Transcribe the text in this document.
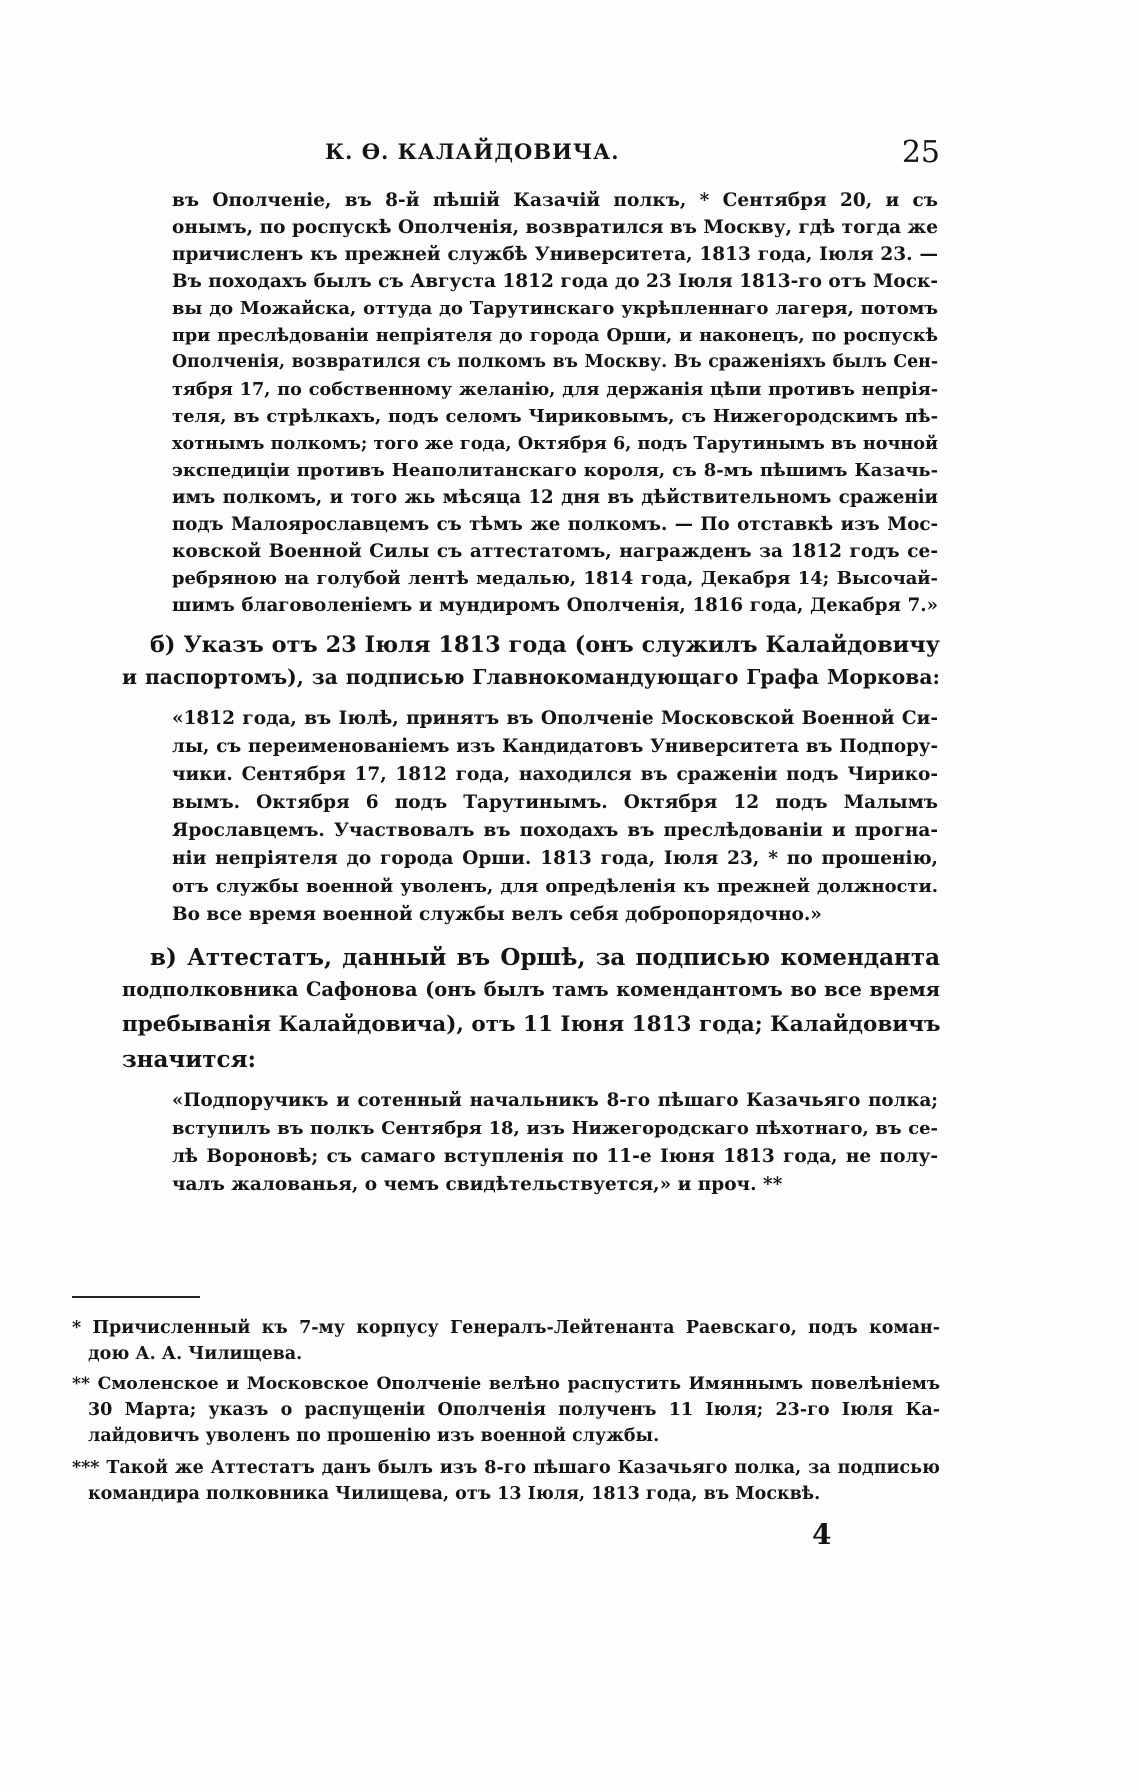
К. Ѳ. КАЛАЙДОВИЧА.	25
въ Ополченіе, въ 8-й пѣшій Казачій полкъ, * Сентября 20, и съ
онымъ, по роспускѣ Ополченія, возвратился въ Москву, гдѣ тогда же
причисленъ къ прежней службѣ Университета, 1813 года, Іюля 23. —
Въ походахъ былъ съ Августа 1812 года до 23 Іюля 1813-го отъ Моск-
вы до Можайска, оттуда до Тарутинскаго укрѣпленнаго лагеря, потомъ
при преслѣдованіи непріятеля до города Орши, и наконецъ, по роспускѣ
Ополченія, возвратился съ полкомъ въ Москву. Въ сраженіяхъ былъ Сен-
тября 17, по собственному желанію, для держанія цѣпи противъ непрія-
теля, въ стрѣлкахъ, подъ селомъ Чириковымъ, съ Нижегородскимъ пѣ-
хотнымъ полкомъ; того же года, Октября 6, подъ Тарутинымъ въ ночной
экспедиціи противъ Неаполитанскаго короля, съ 8-мъ пѣшимъ Казачь-
имъ полкомъ, и того жь мѣсяца 12 дня въ дѣйствительномъ сраженіи
подъ Малоярославцемъ съ тѣмъ же полкомъ. — По отставкѣ изъ Мос-
ковской Военной Силы съ аттестатомъ, награжденъ за 1812 годъ се-
ребряною на голубой лентѣ медалью, 1814 года, Декабря 14; Высочай-
шимъ благоволеніемъ и мундиромъ Ополченія, 1816 года, Декабря 7.»
б) Указъ отъ 23 Іюля 1813 года (онъ служилъ Калайдовичу
и паспортомъ), за подписью Главнокомандующаго Графа Моркова:
«1812 года, въ Іюлѣ, принятъ въ Ополченіе Московской Военной Си-
лы, съ переименованіемъ изъ Кандидатовъ Университета въ Подпору-
чики. Сентября 17, 1812 года, находился въ сраженіи подъ Чирико-
вымъ. Октября 6 подъ Тарутинымъ. Октября 12 подъ Малымъ
Ярославцемъ. Участвовалъ въ походахъ въ преслѣдованіи и прогна-
ніи непріятеля до города Орши. 1813 года, Іюля 23, * по прошенію,
отъ службы военной уволенъ, для опредѣленія къ прежней должности.
Во все время военной службы велъ себя добропорядочно.»
в) Аттестатъ, данный въ Оршѣ, за подписью коменданта
подполковника Сафонова (онъ былъ тамъ комендантомъ во все время
пребыванія Калайдовича), отъ 11 Іюня 1813 года; Калайдовичъ
значится:
«Подпоручикъ и сотенный начальникъ 8-го пѣшаго Казачьяго полка;
вступилъ въ полкъ Сентября 18, изъ Нижегородскаго пѣхотнаго, въ се-
лѣ Вороновѣ; съ самаго вступленія по 11-е Іюня 1813 года, не полу-
чалъ жалованья, о чемъ свидѣтельствуется,» и проч. **
* Причисленный къ 7-му корпусу Генералъ-Лейтенанта Раевскаго, подъ коман-
дою А. А. Чилищева.
** Смоленское и Московское Ополченіе велѣно распустить Имяннымъ повелѣніемъ
30 Марта; указъ о распущеніи Ополченія полученъ 11 Іюля; 23-го Іюля Ка-
лайдовичъ уволенъ по прошенію изъ военной службы.
*** Такой же Аттестатъ данъ былъ изъ 8-го пѣшаго Казачьяго полка, за подписью
командира полковника Чилищева, отъ 13 Іюля, 1813 года, въ Москвѣ.
4
